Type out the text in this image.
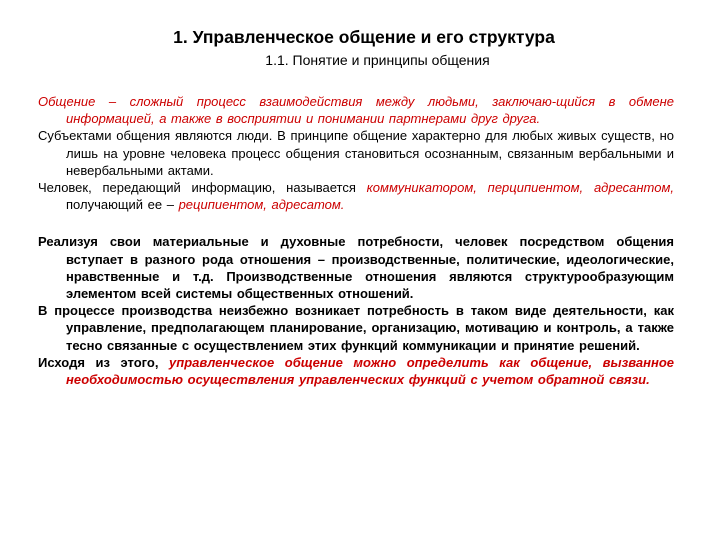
1. Управленческое общение и его структура
1.1. Понятие и принципы общения

Общение – сложный процесс взаимодействия между людьми, заключаю-щийся в обмене информацией, а также в восприятии и понимании партнерами друг друга.

Субъектами общения являются люди. В принципе общение характерно для любых живых существ, но лишь на уровне человека процесс общения становиться осознанным, связанным вербальными и невербальными актами.

Человек, передающий информацию, называется коммуникатором, перципиентом, адресантом, получающий ее – реципиентом, адресатом.

Реализуя свои материальные и духовные потребности, человек посредством общения вступает в разного рода отношения – производственные, политические, идеологические, нравственные и т.д. Производственные отношения являются структурообразующим элементом всей системы общественных отношений.

В процессе производства неизбежно возникает потребность в таком виде деятельности, как управление, предполагающем планирование, организацию, мотивацию и контроль, а также тесно связанные с осуществлением этих функций коммуникации и принятие решений.

Исходя из этого, управленческое общение можно определить как общение, вызванное необходимостью осуществления управленческих функций с учетом обратной связи.
